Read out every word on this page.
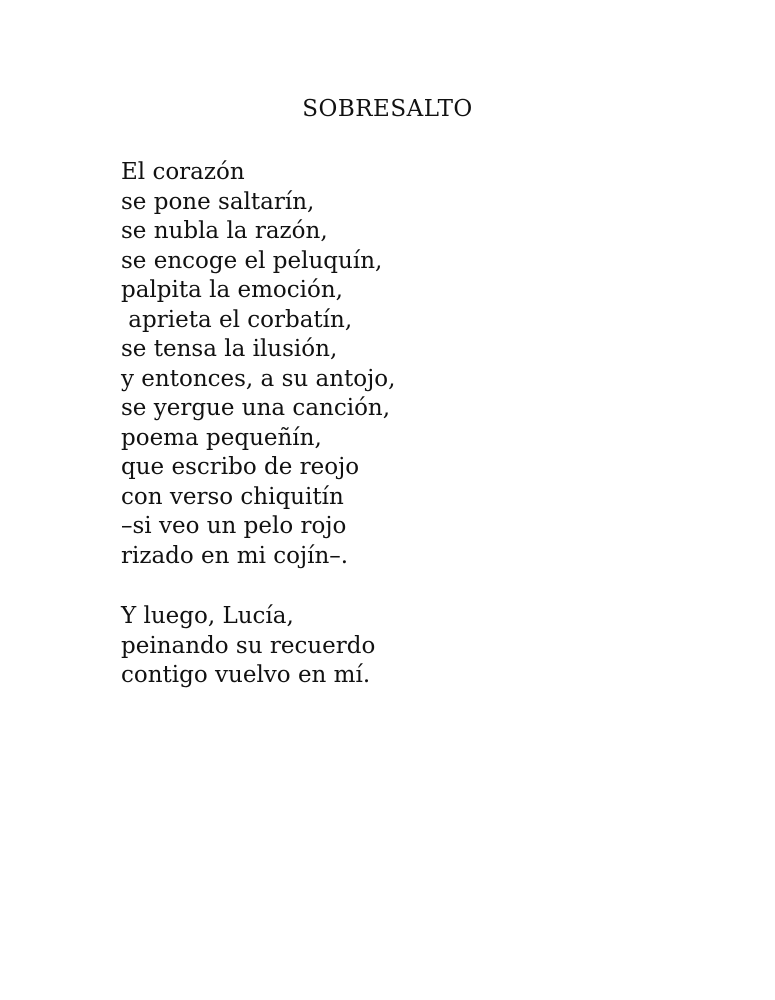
SOBRESALTO
El corazón
se pone saltarín,
se nubla la razón,
se encoge el peluquín,
palpita la emoción,
aprieta el corbatín,
se tensa la ilusión,
y entonces, a su antojo,
se yergue una canción,
poema pequeñín,
que escribo de reojo
con verso chiquitín
–si veo un pelo rojo
rizado en mi cojín–.
Y luego, Lucía,
peinando su recuerdo
contigo vuelvo en mí.
